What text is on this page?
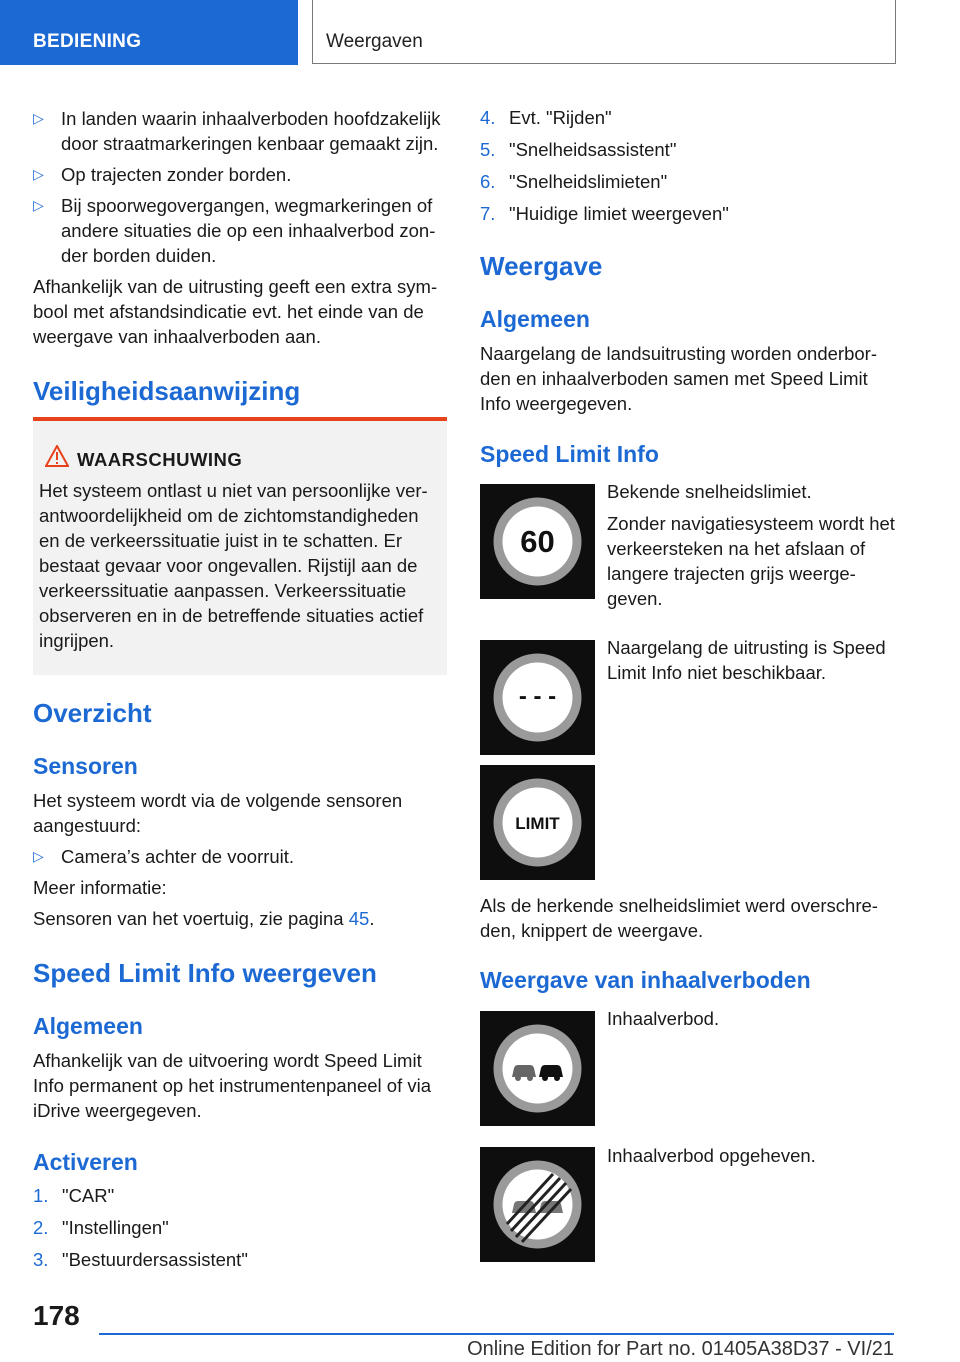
BEDIENING	Weergaven
▷ In landen waarin inhaalverboden hoofdzakelijk door straatmarkeringen kenbaar gemaakt zijn.

▷ Op trajecten zonder borden.

▷ Bij spoorwegovergangen, wegmarkeringen of andere situaties die op een inhaalverbod zon-der borden duiden.

Afhankelijk van de uitrusting geeft een extra sym-bool met afstandsindicatie evt. het einde van de weergave van inhaalverboden aan.

Veiligheidsaanwijzing
WAARSCHUWING
Het systeem ontlast u niet van persoonlijke ver-antwoordelijkheid om de zichtomstandigheden en de verkeerssituatie juist in te schatten. Er bestaat gevaar voor ongevallen. Rijstijl aan de verkeerssituatie aanpassen. Verkeerssituatie observeren en in de betreffende situaties actief ingrijpen.
Overzicht
Sensoren

Het systeem wordt via de volgende sensoren aangestuurd:

▷ Camera’s achter de voorruit.

Meer informatie:

Sensoren van het voertuig, zie pagina 45.

Speed Limit Info weergeven
Algemeen
Afhankelijk van de uitvoering wordt Speed Limit Info permanent op het instrumentenpaneel of via iDrive weergegeven.
Activeren
1. "CAR"
2. "Instellingen"
3. "Bestuurdersassistent"
4. Evt. "Rijden"
5. "Snelheidsassistent"
6. "Snelheidslimieten"
7. "Huidige limiet weergeven"
Weergave
Algemeen
Naargelang de landsuitrusting worden onderbor-den en inhaalverboden samen met Speed Limit Info weergegeven.
Speed Limit Info
60

Bekende snelheidslimiet.

Zonder navigatiesysteem wordt het verkeersteken na het afslaan of langere trajecten grijs weerge-geven.

- - -
Naargelang de uitrusting is Speed Limit Info niet beschikbaar.
LIMIT
Als de herkende snelheidslimiet werd overschre-den, knippert de weergave.
Weergave van inhaalverboden
Inhaalverbod.
Inhaalverbod opgeheven.
178
Online Edition for Part no. 01405A38D37 - VI/21
